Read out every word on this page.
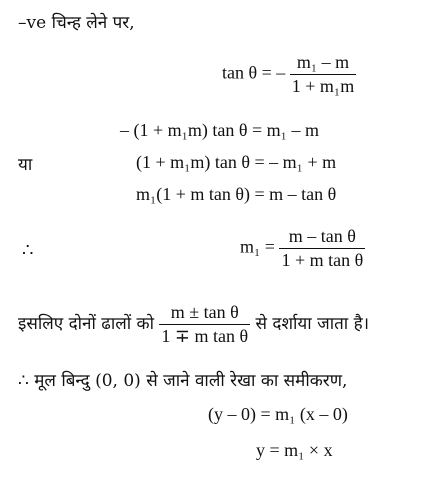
–ve चिन्ह लेने पर,
tan θ = – $\frac{\text{m₁ – m}}{\text{1 + m₁m}}$
– (1 + m₁m) tan θ = m₁ – m
या	(1 + m₁m) tan θ = – m₁ + m
m₁(1 + m tan θ) = m – tan θ
∴	$m_1 = \frac{\text{m – tan θ}}{\text{1 + m tan θ}}$
इसलिए दोनों ढालों को $\frac{\text{m ± tan θ}}{\text{1 ∓ m tan θ}}$ से दर्शाया जाता है।
∴ मूल बिन्दु (0, 0) से जाने वाली रेखा का समीकरण,
(y – 0) = m₁ (x – 0)
y = m₁ × x
